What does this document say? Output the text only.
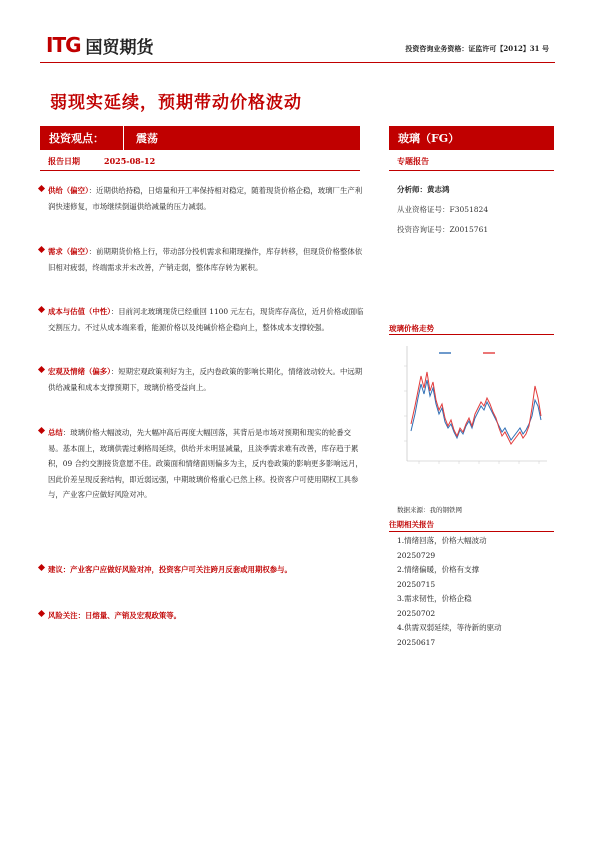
ITG 国贸期货	投资咨询业务资格：证监许可【2012】31 号
弱现实延续，预期带动价格波动
投资观点：	震荡	玻璃（FG）
报告日期	2025-08-12	专题报告
供给（偏空）：近期供给持稳，日熔量和开工率保持相对稳定，随着现货价格企稳，玻璃厂生产利润快速修复，市场继续倒逼供给减量的压力减弱。
需求（偏空）：前期期货价格上行，带动部分投机需求和期现操作，库存转移，但现货价格整体依旧相对疲弱，终端需求并未改善，产销走弱，整体库存转为累积。
成本与估值（中性）：目前河北玻璃现货已经重回 1100 元左右，现货库存高位，近月价格或面临交割压力。不过从成本端来看，能源价格以及纯碱价格企稳向上，整体成本支撑较强。
宏观及情绪（偏多）：短期宏观政策利好为主，反内卷政策的影响长期化，情绪波动较大。中远期供给减量和成本支撑预期下，玻璃价格受益向上。
总结：玻璃价格大幅波动，先大幅冲高后再度大幅回落，其背后是市场对预期和现实的轮番交易。基本面上，玻璃供需过剩格局延续，供给并未明显减量，且淡季需求难有改善，库存趋于累积，09 合约交割接货意愿不佳。政策面和情绪面则偏多为主，反内卷政策的影响更多影响远月，因此价差呈现反套结构，即近弱远强，中期玻璃价格重心已然上移。投资客户可使用期权工具参与，产业客户应做好风险对冲。
建议：产业客户应做好风险对冲，投资客户可关注跨月反套或用期权参与。
风险关注：日熔量、产销及宏观政策等。
分析师：黄志鸿
从业资格证号：F3051824
投资咨询证号：Z0015761
玻璃价格走势
数据来源：我的钢铁网
往期相关报告
1.情绪回落，价格大幅波动
20250729
2.情绪偏暖，价格有支撑
20250715
3.需求韧性，价格企稳
20250702
4.供需双弱延续，等待新的驱动
20250617
